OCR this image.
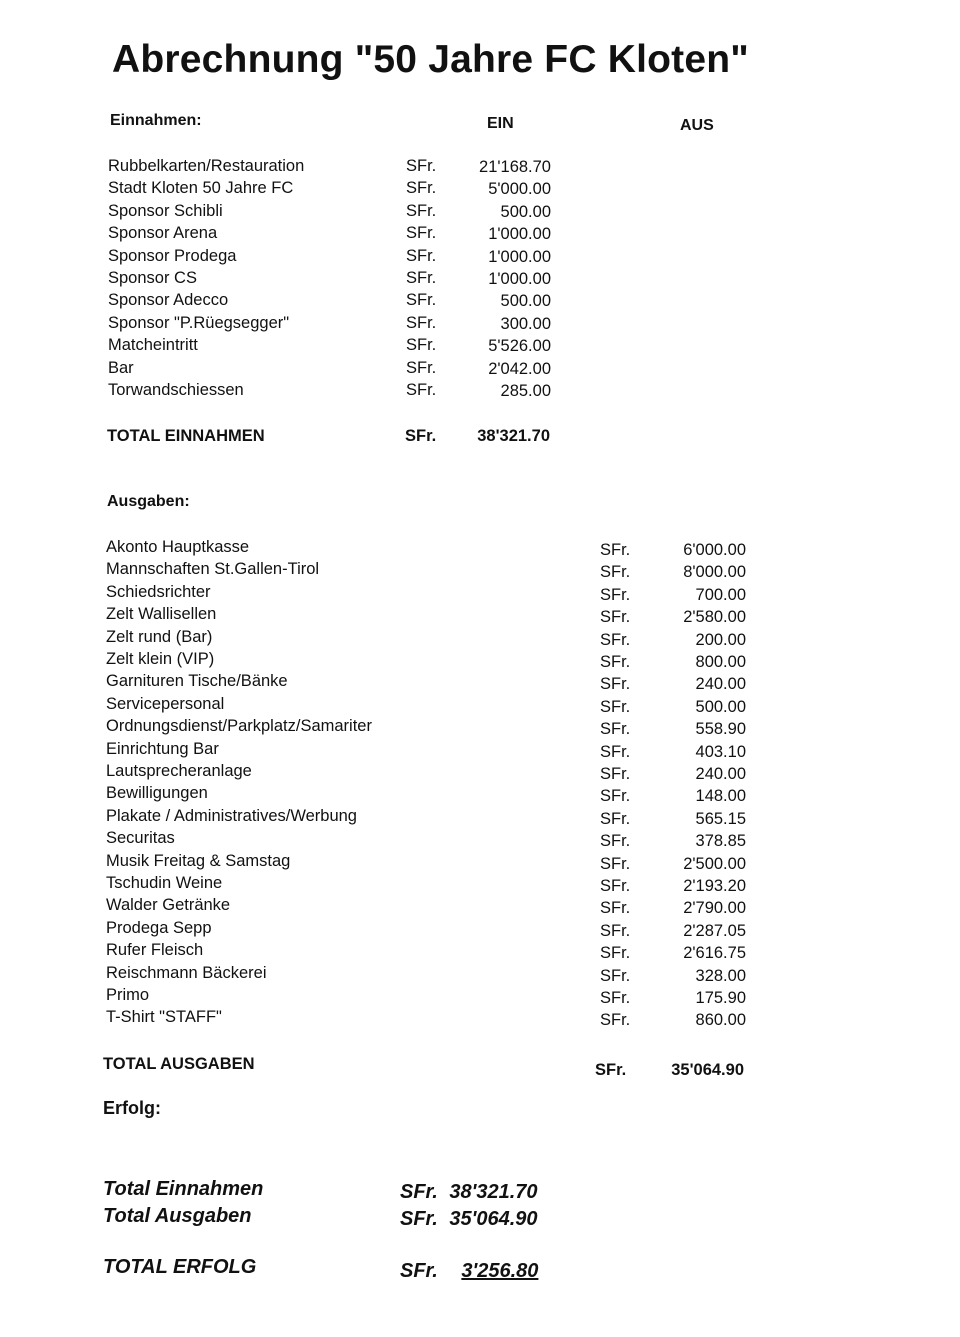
Abrechnung "50 Jahre FC Kloten"
Einnahmen:	EIN	AUS
Rubbelkarten/Restauration	SFr.	21'168.70
Stadt Kloten 50 Jahre FC	SFr.	5'000.00
Sponsor Schibli	SFr.	500.00
Sponsor Arena	SFr.	1'000.00
Sponsor Prodega	SFr.	1'000.00
Sponsor CS	SFr.	1'000.00
Sponsor Adecco	SFr.	500.00
Sponsor "P.Rüegsegger"	SFr.	300.00
Matcheintritt	SFr.	5'526.00
Bar	SFr.	2'042.00
Torwandschiessen	SFr.	285.00
TOTAL EINNAHMEN	SFr.	38'321.70
Ausgaben:
Akonto Hauptkasse	SFr.	6'000.00
Mannschaften St.Gallen-Tirol	SFr.	8'000.00
Schiedsrichter	SFr.	700.00
Zelt Wallisellen	SFr.	2'580.00
Zelt rund (Bar)	SFr.	200.00
Zelt klein (VIP)	SFr.	800.00
Garnituren Tische/Bänke	SFr.	240.00
Servicepersonal	SFr.	500.00
Ordnungsdienst/Parkplatz/Samariter	SFr.	558.90
Einrichtung Bar	SFr.	403.10
Lautsprecheranlage	SFr.	240.00
Bewilligungen	SFr.	148.00
Plakate / Administratives/Werbung	SFr.	565.15
Securitas	SFr.	378.85
Musik Freitag & Samstag	SFr.	2'500.00
Tschudin Weine	SFr.	2'193.20
Walder Getränke	SFr.	2'790.00
Prodega Sepp	SFr.	2'287.05
Rufer Fleisch	SFr.	2'616.75
Reischmann Bäckerei	SFr.	328.00
Primo	SFr.	175.90
T-Shirt "STAFF"	SFr.	860.00
TOTAL AUSGABEN	SFr.	35'064.90
Erfolg:
Total Einnahmen	SFr. 38'321.70
Total Ausgaben	SFr. 35'064.90
TOTAL ERFOLG	SFr. 3'256.80
